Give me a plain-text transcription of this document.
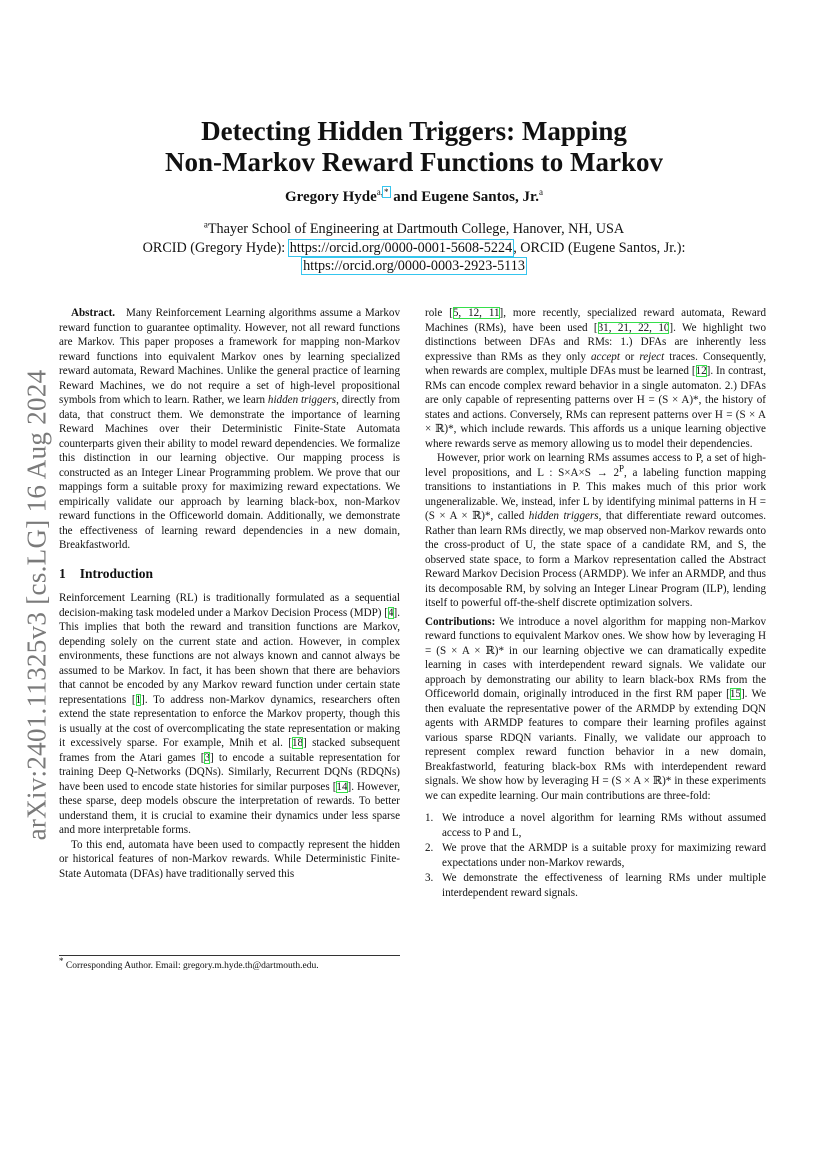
arXiv:2401.11325v3 [cs.LG] 16 Aug 2024
Detecting Hidden Triggers: Mapping
Non-Markov Reward Functions to Markov
Gregory Hyde$^{a,*}$ and Eugene Santos, Jr.$^a$
$^a$Thayer School of Engineering at Dartmouth College, Hanover, NH, USA
ORCID (Gregory Hyde): https://orcid.org/0000-0001-5608-5224, ORCID (Eugene Santos, Jr.):
https://orcid.org/0000-0003-2923-5113

Abstract. Many Reinforcement Learning algorithms assume a Markov reward function to guarantee optimality. However, not all reward functions are Markov. This paper proposes a framework for mapping non-Markov reward functions into equivalent Markov ones by learning specialized reward automata, Reward Machines. Unlike the general practice of learning Reward Machines, we do not require a set of high-level propositional symbols from which to learn. Rather, we learn hidden triggers, directly from data, that construct them. We demonstrate the importance of learning Reward Machines over their Deterministic Finite-State Automata counterparts given their ability to model reward dependencies. We formalize this distinction in our learning objective. Our mapping process is constructed as an Integer Linear Programming problem. We prove that our mappings form a suitable proxy for maximizing reward expectations. We empirically validate our approach by learning black-box, non-Markov reward functions in the Officeworld domain. Additionally, we demonstrate the effectiveness of learning reward dependencies in a new domain, Breakfastworld.

1 Introduction

Reinforcement Learning (RL) is traditionally formulated as a sequential decision-making task modeled under a Markov Decision Process (MDP) [4]. This implies that both the reward and transition functions are Markov, depending solely on the current state and action. However, in complex environments, these functions are not always known and cannot always be assumed to be Markov. In fact, it has been shown that there are behaviors that cannot be encoded by any Markov reward function under certain state representations [1]. To address non-Markov dynamics, researchers often extend the state representation to enforce the Markov property, though this is usually at the cost of overcomplicating the state representation or making it excessively sparse. For example, Mnih et al. [18] stacked subsequent frames from the Atari games [3] to encode a suitable representation for training Deep Q-Networks (DQNs). Similarly, Recurrent DQNs (RDQNs) have been used to encode state histories for similar purposes [14]. However, these sparse, deep models obscure the interpretation of rewards. To better understand them, it is crucial to examine their dynamics under less sparse and more interpretable forms.

To this end, automata have been used to compactly represent the hidden or historical features of non-Markov rewards. While Deterministic Finite-State Automata (DFAs) have traditionally served this

* Corresponding Author. Email: gregory.m.hyde.th@dartmouth.edu.

role [5, 12, 11], more recently, specialized reward automata, Reward Machines (RMs), have been used [31, 21, 22, 10]. We highlight two distinctions between DFAs and RMs: 1.) DFAs are inherently less expressive than RMs as they only accept or reject traces. Consequently, when rewards are complex, multiple DFAs must be learned [12]. In contrast, RMs can encode complex reward behavior in a single automaton. 2.) DFAs are only capable of representing patterns over H = (S × A)*, the history of states and actions. Conversely, RMs can represent patterns over H = (S × A × ℝ)*, which include rewards. This affords us a unique learning objective where rewards serve as memory allowing us to model their dependencies.

However, prior work on learning RMs assumes access to P, a set of high-level propositions, and L : $S\times A\times S \to 2^P$, a labeling function mapping transitions to instantiations in P. This makes much of this prior work ungeneralizable. We, instead, infer L by identifying minimal patterns in H = (S × A × ℝ)*, called hidden triggers, that differentiate reward outcomes. Rather than learn RMs directly, we map observed non-Markov rewards onto the cross-product of U, the state space of a candidate RM, and S, the observed state space, to form a Markov representation called the Abstract Reward Markov Decision Process (ARMDP). We infer an ARMDP, and thus its decomposable RM, by solving an Integer Linear Program (ILP), lending itself to powerful off-the-shelf discrete optimization solvers.

Contributions: We introduce a novel algorithm for mapping non-Markov reward functions to equivalent Markov ones. We show how by leveraging H = (S × A × ℝ)* in our learning objective we can dramatically expedite learning in cases with interdependent reward signals. We validate our approach by demonstrating our ability to learn black-box RMs from the Officeworld domain, originally introduced in the first RM paper [15]. We then evaluate the representative power of the ARMDP by extending DQN agents with ARMDP features to compare their learning profiles against various sparse RDQN variants. Finally, we validate our approach to represent complex reward function behavior in a new domain, Breakfastworld, featuring black-box RMs with interdependent reward signals. We show how by leveraging H = (S × A × ℝ)* in these experiments we can expedite learning. Our main contributions are three-fold:

1. We introduce a novel algorithm for learning RMs without assumed access to P and L,
2. We prove that the ARMDP is a suitable proxy for maximizing reward expectations under non-Markov rewards,
3. We demonstrate the effectiveness of learning RMs under multiple interdependent reward signals.
